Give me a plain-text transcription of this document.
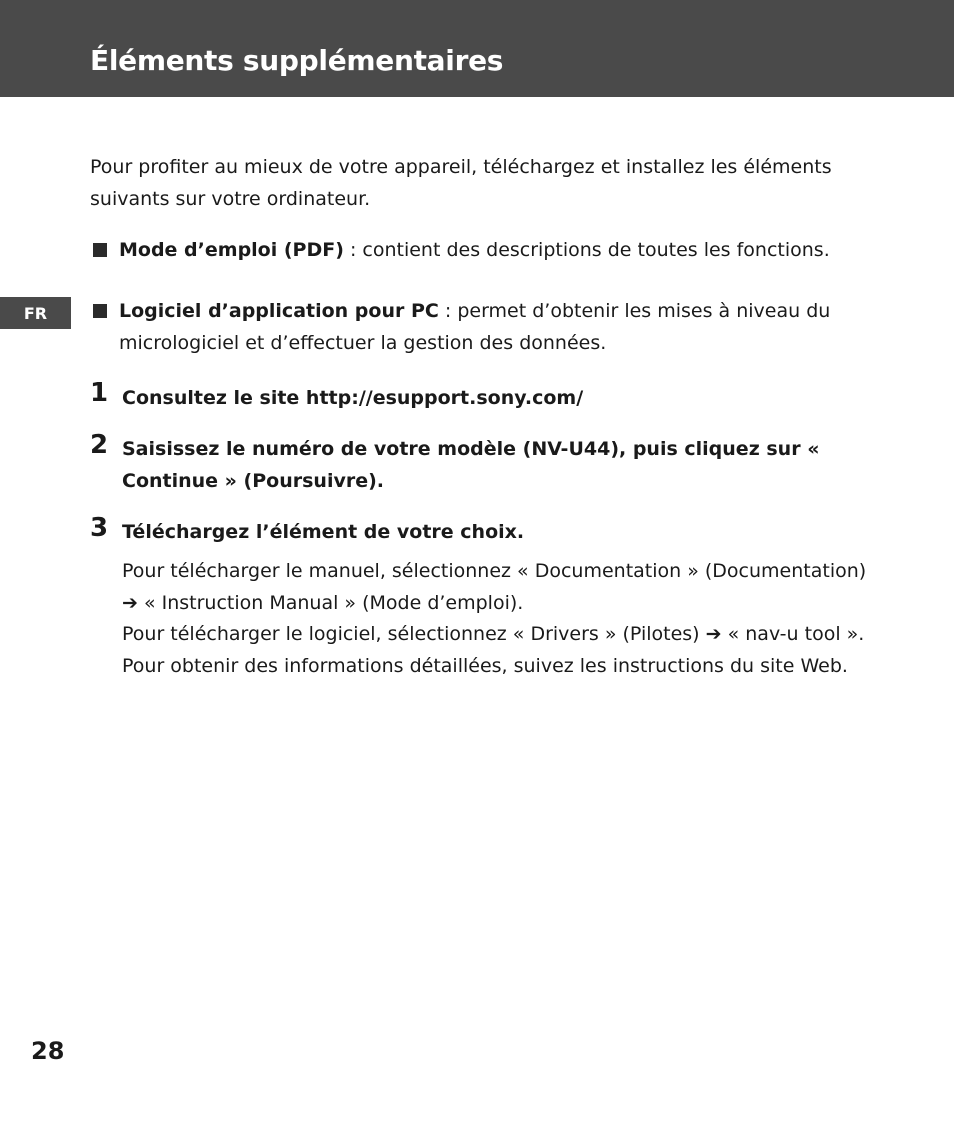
Éléments supplémentaires
FR
Pour profiter au mieux de votre appareil, téléchargez et installez les éléments suivants sur votre ordinateur.
Mode d’emploi (PDF) : contient des descriptions de toutes les fonctions.
Logiciel d’application pour PC : permet d’obtenir les mises à niveau du micrologiciel et d’effectuer la gestion des données.
1 Consultez le site http://esupport.sony.com/
2 Saisissez le numéro de votre modèle (NV-U44), puis cliquez sur « Continue » (Poursuivre).
3 Téléchargez l’élément de votre choix.
Pour télécharger le manuel, sélectionnez « Documentation » (Documentation) ➔ « Instruction Manual » (Mode d’emploi).
Pour télécharger le logiciel, sélectionnez « Drivers » (Pilotes) ➔ « nav-u tool ».
Pour obtenir des informations détaillées, suivez les instructions du site Web.
28
